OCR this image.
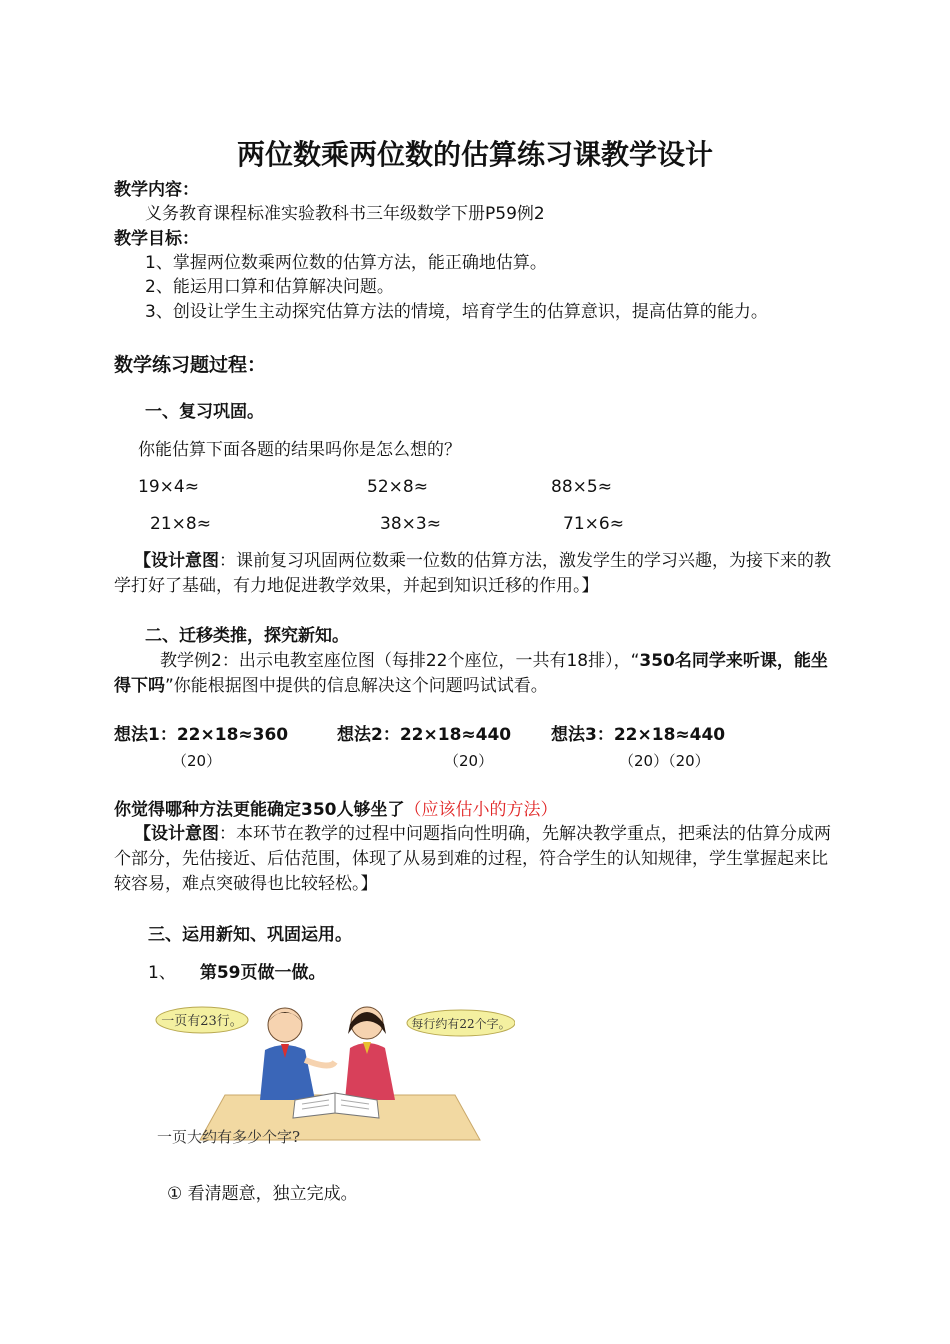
两位数乘两位数的估算练习课教学设计
教学内容：
义务教育课程标准实验教科书三年级数学下册P59例2
教学目标：
1、掌握两位数乘两位数的估算方法，能正确地估算。
2、能运用口算和估算解决问题。
3、创设让学生主动探究估算方法的情境，培育学生的估算意识，提高估算的能力。
数学练习题过程：
一、复习巩固。
你能估算下面各题的结果吗你是怎么想的？
19×4≈	52×8≈	88×5≈
21×8≈	38×3≈	71×6≈
【设计意图：课前复习巩固两位数乘一位数的估算方法，激发学生的学习兴趣，为接下来的教学打好了基础，有力地促进教学效果，并起到知识迁移的作用。】
二、迁移类推，探究新知。
教学例2：出示电教室座位图（每排22个座位，一共有18排），“350名同学来听课，能坐得下吗”你能根据图中提供的信息解决这个问题吗试试看。
想法1：22×18≈360	想法2：22×18≈440 想法3：22×18≈440
（20）	（20）	（20）（20）
你觉得哪种方法更能确定350人够坐了（应该估小的方法）
【设计意图：本环节在教学的过程中问题指向性明确，先解决教学重点，把乘法的估算分成两个部分，先估接近、后估范围，体现了从易到难的过程，符合学生的认知规律，学生掌握起来比较容易，难点突破得也比较轻松。】
三、运用新知、巩固运用。
1、 第59页做一做。
一页有23行。	每行约有22个字。
一页大约有多少个字?
① 看清题意，独立完成。
